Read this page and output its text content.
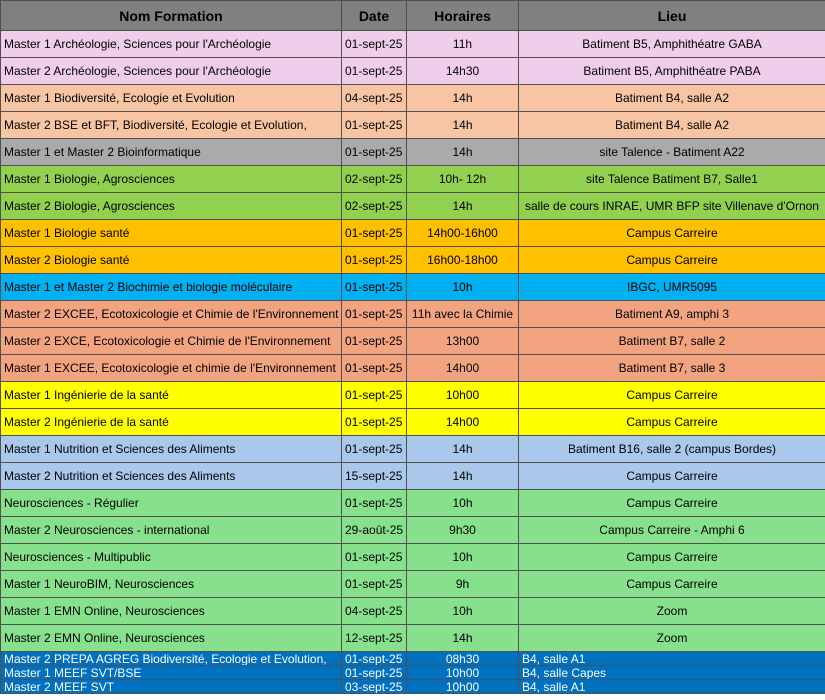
Nom Formation	Date	Horaires	Lieu
Master 1 Archéologie, Sciences pour l'Archéologie	01-sept-25	11h	Batiment B5, Amphithéatre GABA
Master 2 Archéologie, Sciences pour l'Archéologie	01-sept-25	14h30	Batiment B5, Amphithéatre PABA
Master 1 Biodiversité, Ecologie et Evolution	04-sept-25	14h	Batiment B4, salle A2
Master 2 BSE et BFT, Biodiversité, Ecologie et Evolution,	01-sept-25	14h	Batiment B4, salle A2
Master 1 et Master 2 Bioinformatique	01-sept-25	14h	site Talence - Batiment A22
Master 1 Biologie, Agrosciences	02-sept-25	10h- 12h	site Talence Batiment B7, Salle1
Master 2 Biologie, Agrosciences	02-sept-25	14h	salle de cours INRAE, UMR BFP site Villenave d'Ornon
Master 1 Biologie santé	01-sept-25	14h00-16h00	Campus Carreire
Master 2 Biologie santé	01-sept-25	16h00-18h00	Campus Carreire
Master 1 et Master 2 Biochimie et biologie moléculaire	01-sept-25	10h	IBGC, UMR5095
Master 2 EXCEE, Ecotoxicologie et Chimie de l'Environnement	01-sept-25	11h avec la Chimie	Batiment A9, amphi 3
Master 2 EXCE, Ecotoxicologie et Chimie de l'Environnement	01-sept-25	13h00	Batiment B7, salle 2
Master 1 EXCEE, Ecotoxicologie et chimie de l'Environnement	01-sept-25	14h00	Batiment B7, salle 3
Master 1 Ingénierie de la santé	01-sept-25	10h00	Campus Carreire
Master 2 Ingénierie de la santé	01-sept-25	14h00	Campus Carreire
Master 1 Nutrition et Sciences des Aliments	01-sept-25	14h	Batiment B16, salle 2 (campus Bordes)
Master 2 Nutrition et Sciences des Aliments	15-sept-25	14h	Campus Carreire
Neurosciences - Régulier	01-sept-25	10h	Campus Carreire
Master 2 Neurosciences - international	29-août-25	9h30	Campus Carreire - Amphi 6
Neurosciences - Multipublic	01-sept-25	10h	Campus Carreire
Master 1 NeuroBIM, Neurosciences	01-sept-25	9h	Campus Carreire
Master 1 EMN Online, Neurosciences	04-sept-25	10h	Zoom
Master 2 EMN Online, Neurosciences	12-sept-25	14h	Zoom
Master 2 PREPA AGREG Biodiversité, Ecologie et Evolution,	01-sept-25	08h30	B4, salle A1
Master 1 MEEF SVT/BSE	01-sept-25	10h00	B4, salle Capes
Master 2 MEEF SVT	03-sept-25	10h00	B4, salle A1
